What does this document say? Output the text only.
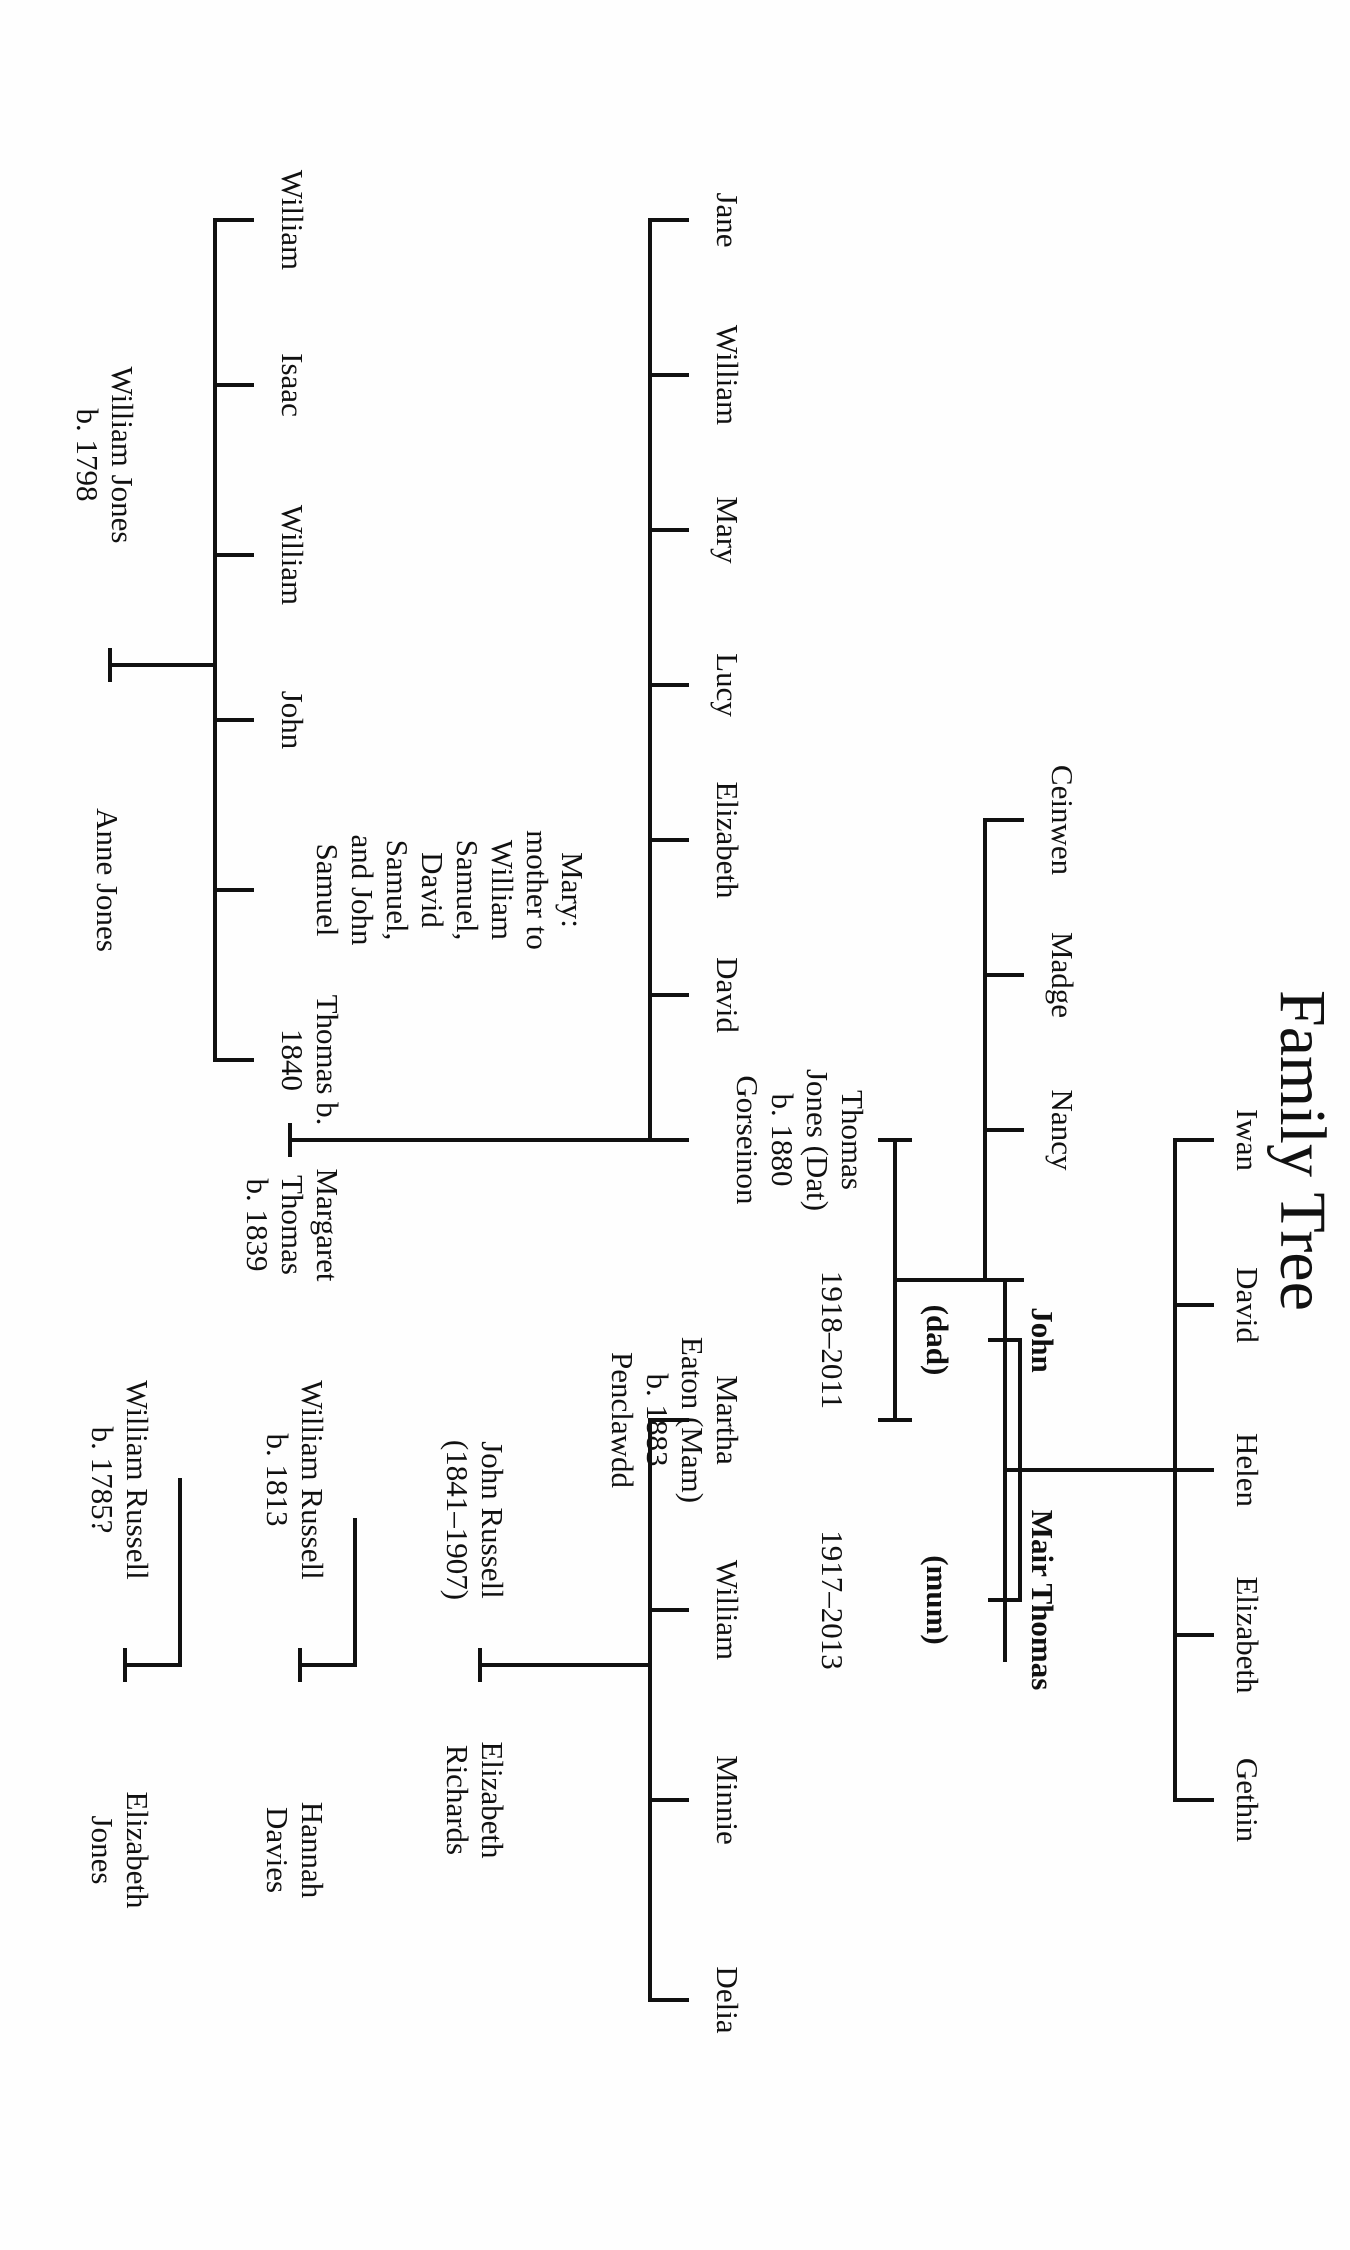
Family Tree
William Jones
b. 1798
Anne Jones
William
Isaac
William
John
Mary:
mother to
William
Samuel,
David
Samuel,
and John
Samuel
Thomas b.
1840
Margaret
Thomas
b. 1839
Jane
William
Mary
Lucy
Elizabeth
David
Thomas
Jones (Dat)
b. 1880
Gorseinon
William Russell
b. 1785?
Elizabeth
Jones
William Russell
b. 1813
Hannah
Davies
John Russell
(1841–1907)
Elizabeth
Richards
Martha
Eaton (Mam)
b. 1883
Penclawdd
William
Minnie
Delia
Ceinwen
Madge
Nancy

John

(dad)

1918–2011

Mair Thomas

(mum)

1917–2013

Iwan
David
Helen
Elizabeth
Gethin
